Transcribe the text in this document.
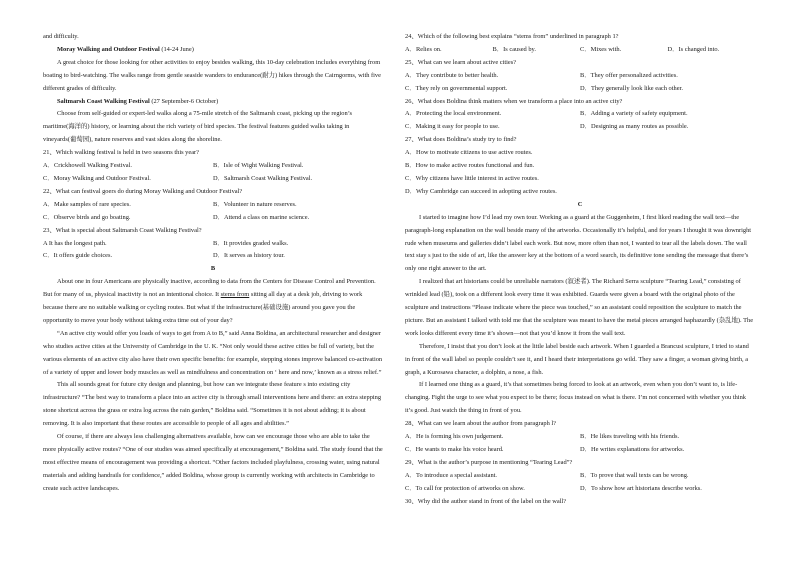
and difficulty.

Moray Walking and Outdoor Festival (14-24 June)

A great choice for those looking for other activities to enjoy besides walking, this 10-day celebration includes everything from boating to bird-watching. The walks range from gentle seaside wanders to endurance(耐力) hikes through the Cairngorms, with five different grades of difficulty.

Saltmarsh Coast Walking Festival (27 September-6 October)

Choose from self-guided or expert-led walks along a 75-mile stretch of the Saltmarsh coast, picking up the region’s maritime(海洋的) history, or learning about the rich variety of bird species. The festival features guided walks taking in vineyards(葡萄园), nature reserves and vast skies along the shoreline.

21、Which walking festival is held in two seasons this year?

A．Crickhowell Walking Festival.	B．Isle of Wight Walking Festival.
C．Moray Walking and Outdoor Festival.	D．Saltmarsh Coast Walking Festival.

22、What can festival goers do during Moray Walking and Outdoor Festival?

A．Make samples of rare species.	B．Volunteer in nature reserves.
C．Observe birds and go boating.	D．Attend a class on marine science.

23、What is special about Saltmarsh Coast Walking Festival?

A It has the longest path.	B．It provides graded walks.
C．It offers guide choices.	D．It serves as history tour.

B

About one in four Americans are physically inactive, according to data from the Centers for Disease Control and Prevention. But for many of us, physical inactivity is not an intentional choice. It stems from sitting all day at a desk job, driving to work because there are no suitable walking or cycling routes. But what if the infrastructure(基础设施) around you gave you the opportunity to move your body without taking extra time out of your day?

“An active city would offer you loads of ways to get from A to B,” said Anna Boldina, an architectural researcher and designer who studies active cities at the University of Cambridge in the U. K. “Not only would these active cities be full of variety, but the various elements of an active city also have their own specific benefits: for example, stepping stones improve balanced co-activation of a variety of upper and lower body muscles as well as mindfulness and concentration on ‘ here and now,’ known as a stress relief.”

This all sounds great for future city design and planning, but how can we integrate these feature s into existing city infrastructure? “The best way to transform a place into an active city is through small interventions here and there: an extra stepping stone shortcut across the grass or extra log across the rain garden,” Boldina said. “Sometimes it is not about adding; it is about removing. It is also important that these routes are accessible to people of all ages and abilities.”

Of course, if there are always less challenging alternatives available, how can we encourage those who are able to take the more physically active routes? “One of our studies was aimed specifically at encouragement,” Boldina said. The study found that the most effective means of encouragement was providing a shortcut. “Other factors included playfulness, crossing water, using natural materials and adding handrails for confidence,” added Boldina, whose group is currently working with architects in Cambridge to create such active landscapes.

24、Which of the following best explains “stems from” underlined in paragraph 1?

A．Relies on.	B．Is caused by.	C．Mixes with.	D．Is changed into.

25、What can we learn about active cities?

A．They contribute to better health.	B．They offer personalized activities.
C．They rely on governmental support.	D．They generally look like each other.

26、What does Boldina think matters when we transform a place into an active city?

A．Protecting the local environment.	B．Adding a variety of safety equipment.
C．Making it easy for people to use.	D．Designing as many routes as possible.

27、What does Boldina’s study try to find?

A．How to motivate citizens to use active routes.

B．How to make active routes functional and fun.

C．Why citizens have little interest in active routes.

D．Why Cambridge can succeed in adopting active routes.

C

I started to imagine how I’d lead my own tour. Working as a guard at the Guggenheim, I first liked reading the wall text—the paragraph-long explanation on the wall beside many of the artworks. Occasionally it’s helpful, and for years I thought it was downright rude when museums and galleries didn’t label each work. But now, more often than not, I wanted to tear all the labels down. The wall text stay s just to the side of art, like the answer key at the bottom of a word search, its definitive tone sending the message that there’s only one right answer to the art.

I realized that art historians could be unreliable narrators (叙述者). The Richard Serra sculpture “Tearing Lead,” consisting of wrinkled lead (铅), took on a different look every time it was exhibited. Guards were given a board with the original photo of the sculpture and instructions “Please indicate where the piece was touched,” so an assistant could reposition the sculpture to match the picture. But an assistant I talked with told me that the sculpture was meant to have the metal pieces arranged haphazardly (杂乱地). The work looks different every time it’s shown—not that you’d know it from the wall text.

Therefore, I insist that you don’t look at the little label beside each artwork. When I guarded a Brancusi sculpture, I tried to stand in front of the wall label so people couldn’t see it, and I heard their interpretations go wild. They saw a finger, a woman giving birth, a graph, a Kurosawa character, a dolphin, a nose, a fish.

If I learned one thing as a guard, it’s that sometimes being forced to look at an artwork, even when you don’t want to, is life-changing. Fight the urge to see what you expect to be there; focus instead on what is there. I’m not concerned with whether you think it’s good. Just watch the thing in front of you.

28、What can we learn about the author from paragraph l?

A．He is forming his own judgement.	B．He likes traveling with his friends.
C．He wants to make his voice heard.	D．He writes explanations for artworks.

29、What is the author’s purpose in mentioning “Tearing Lead”?

A．To introduce a special assistant.	B．To prove that wall texts can be wrong.
C．To call for protection of artworks on show.	D．To show how art historians describe works.

30、Why did the author stand in front of the label on the wall?
